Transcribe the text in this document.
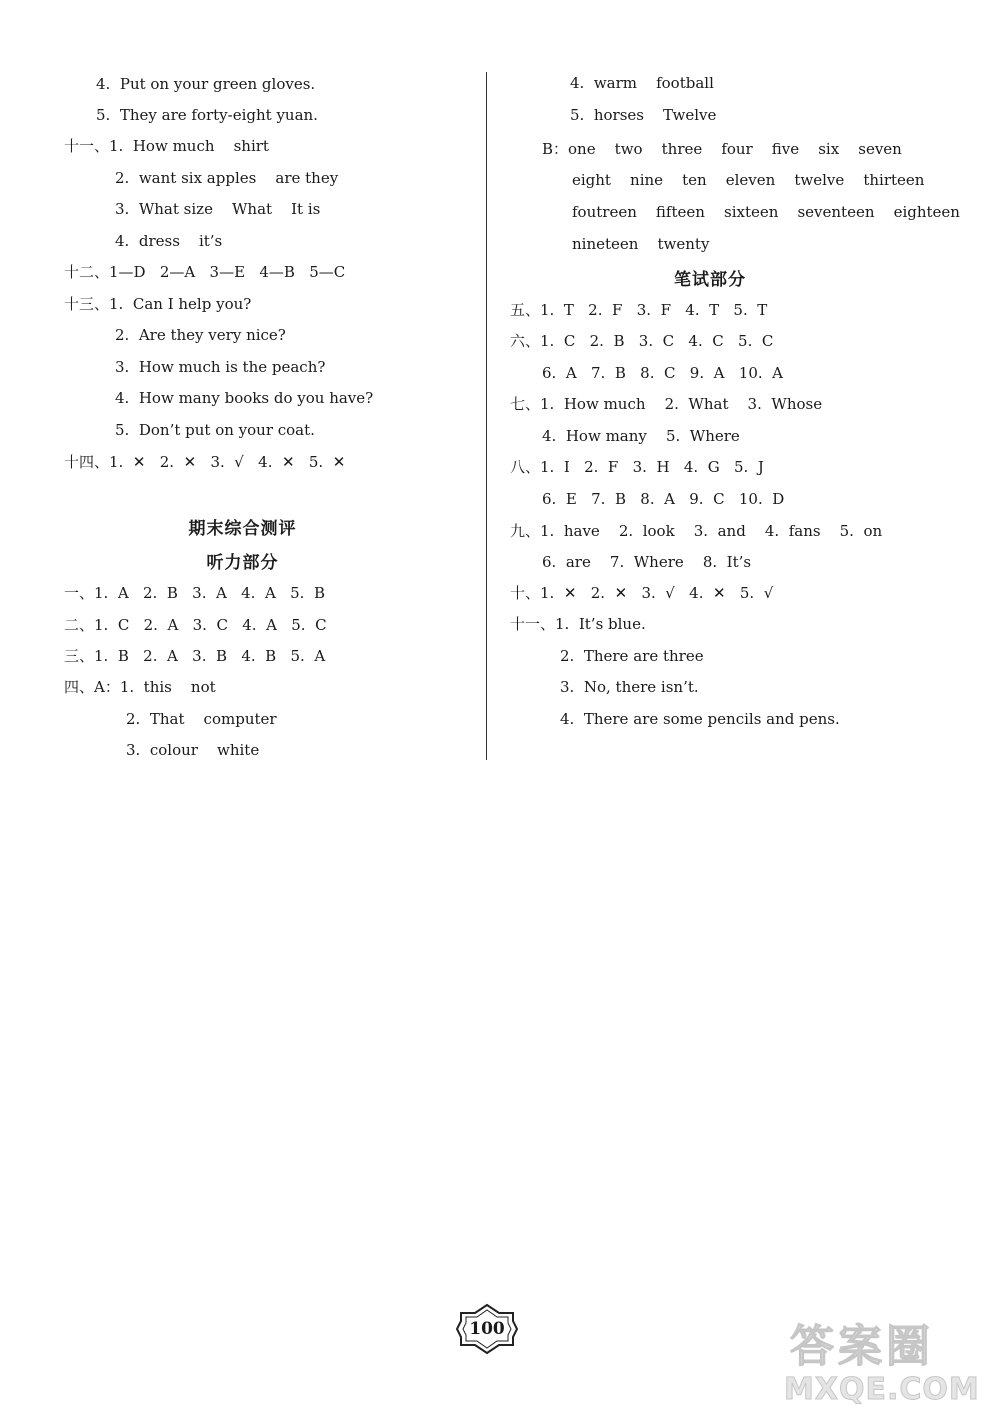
4.  Put on your green gloves.
5.  They are forty-eight yuan.
十一、1.  How much    shirt
2.  want six apples    are they
3.  What size    What    It is
4.  dress    it’s
十二、1—D   2—A   3—E   4—B   5—C
十三、1.  Can I help you?
2.  Are they very nice?
3.  How much is the peach?
4.  How many books do you have?
5.  Don’t put on your coat.
十四、1.  ✕   2.  ✕   3.  √   4.  ✕   5.  ✕
期末综合测评
听力部分
一、1.  A   2.  B   3.  A   4.  A   5.  B
二、1.  C   2.  A   3.  C   4.  A   5.  C
三、1.  B   2.  A   3.  B   4.  B   5.  A
四、A：1.  this    not
2.  That    computer
3.  colour    white
4.  warm    football
5.  horses    Twelve
B：one    two    three    four    five    six    seven
eight    nine    ten    eleven    twelve    thirteen
foutreen    fifteen    sixteen    seventeen    eighteen
nineteen    twenty
笔试部分
五、1.  T   2.  F   3.  F   4.  T   5.  T
六、1.  C   2.  B   3.  C   4.  C   5.  C
6.  A   7.  B   8.  C   9.  A   10.  A
七、1.  How much    2.  What    3.  Whose
4.  How many    5.  Where
八、1.  I   2.  F   3.  H   4.  G   5.  J
6.  E   7.  B   8.  A   9.  C   10.  D
九、1.  have    2.  look    3.  and    4.  fans    5.  on
6.  are    7.  Where    8.  It’s
十、1.  ✕   2.  ✕   3.  √   4.  ✕   5.  √
十一、1.  It’s blue.
2.  There are three
3.  No, there isn’t.
4.  There are some pencils and pens.
100	答案圈
MXQE.COM
